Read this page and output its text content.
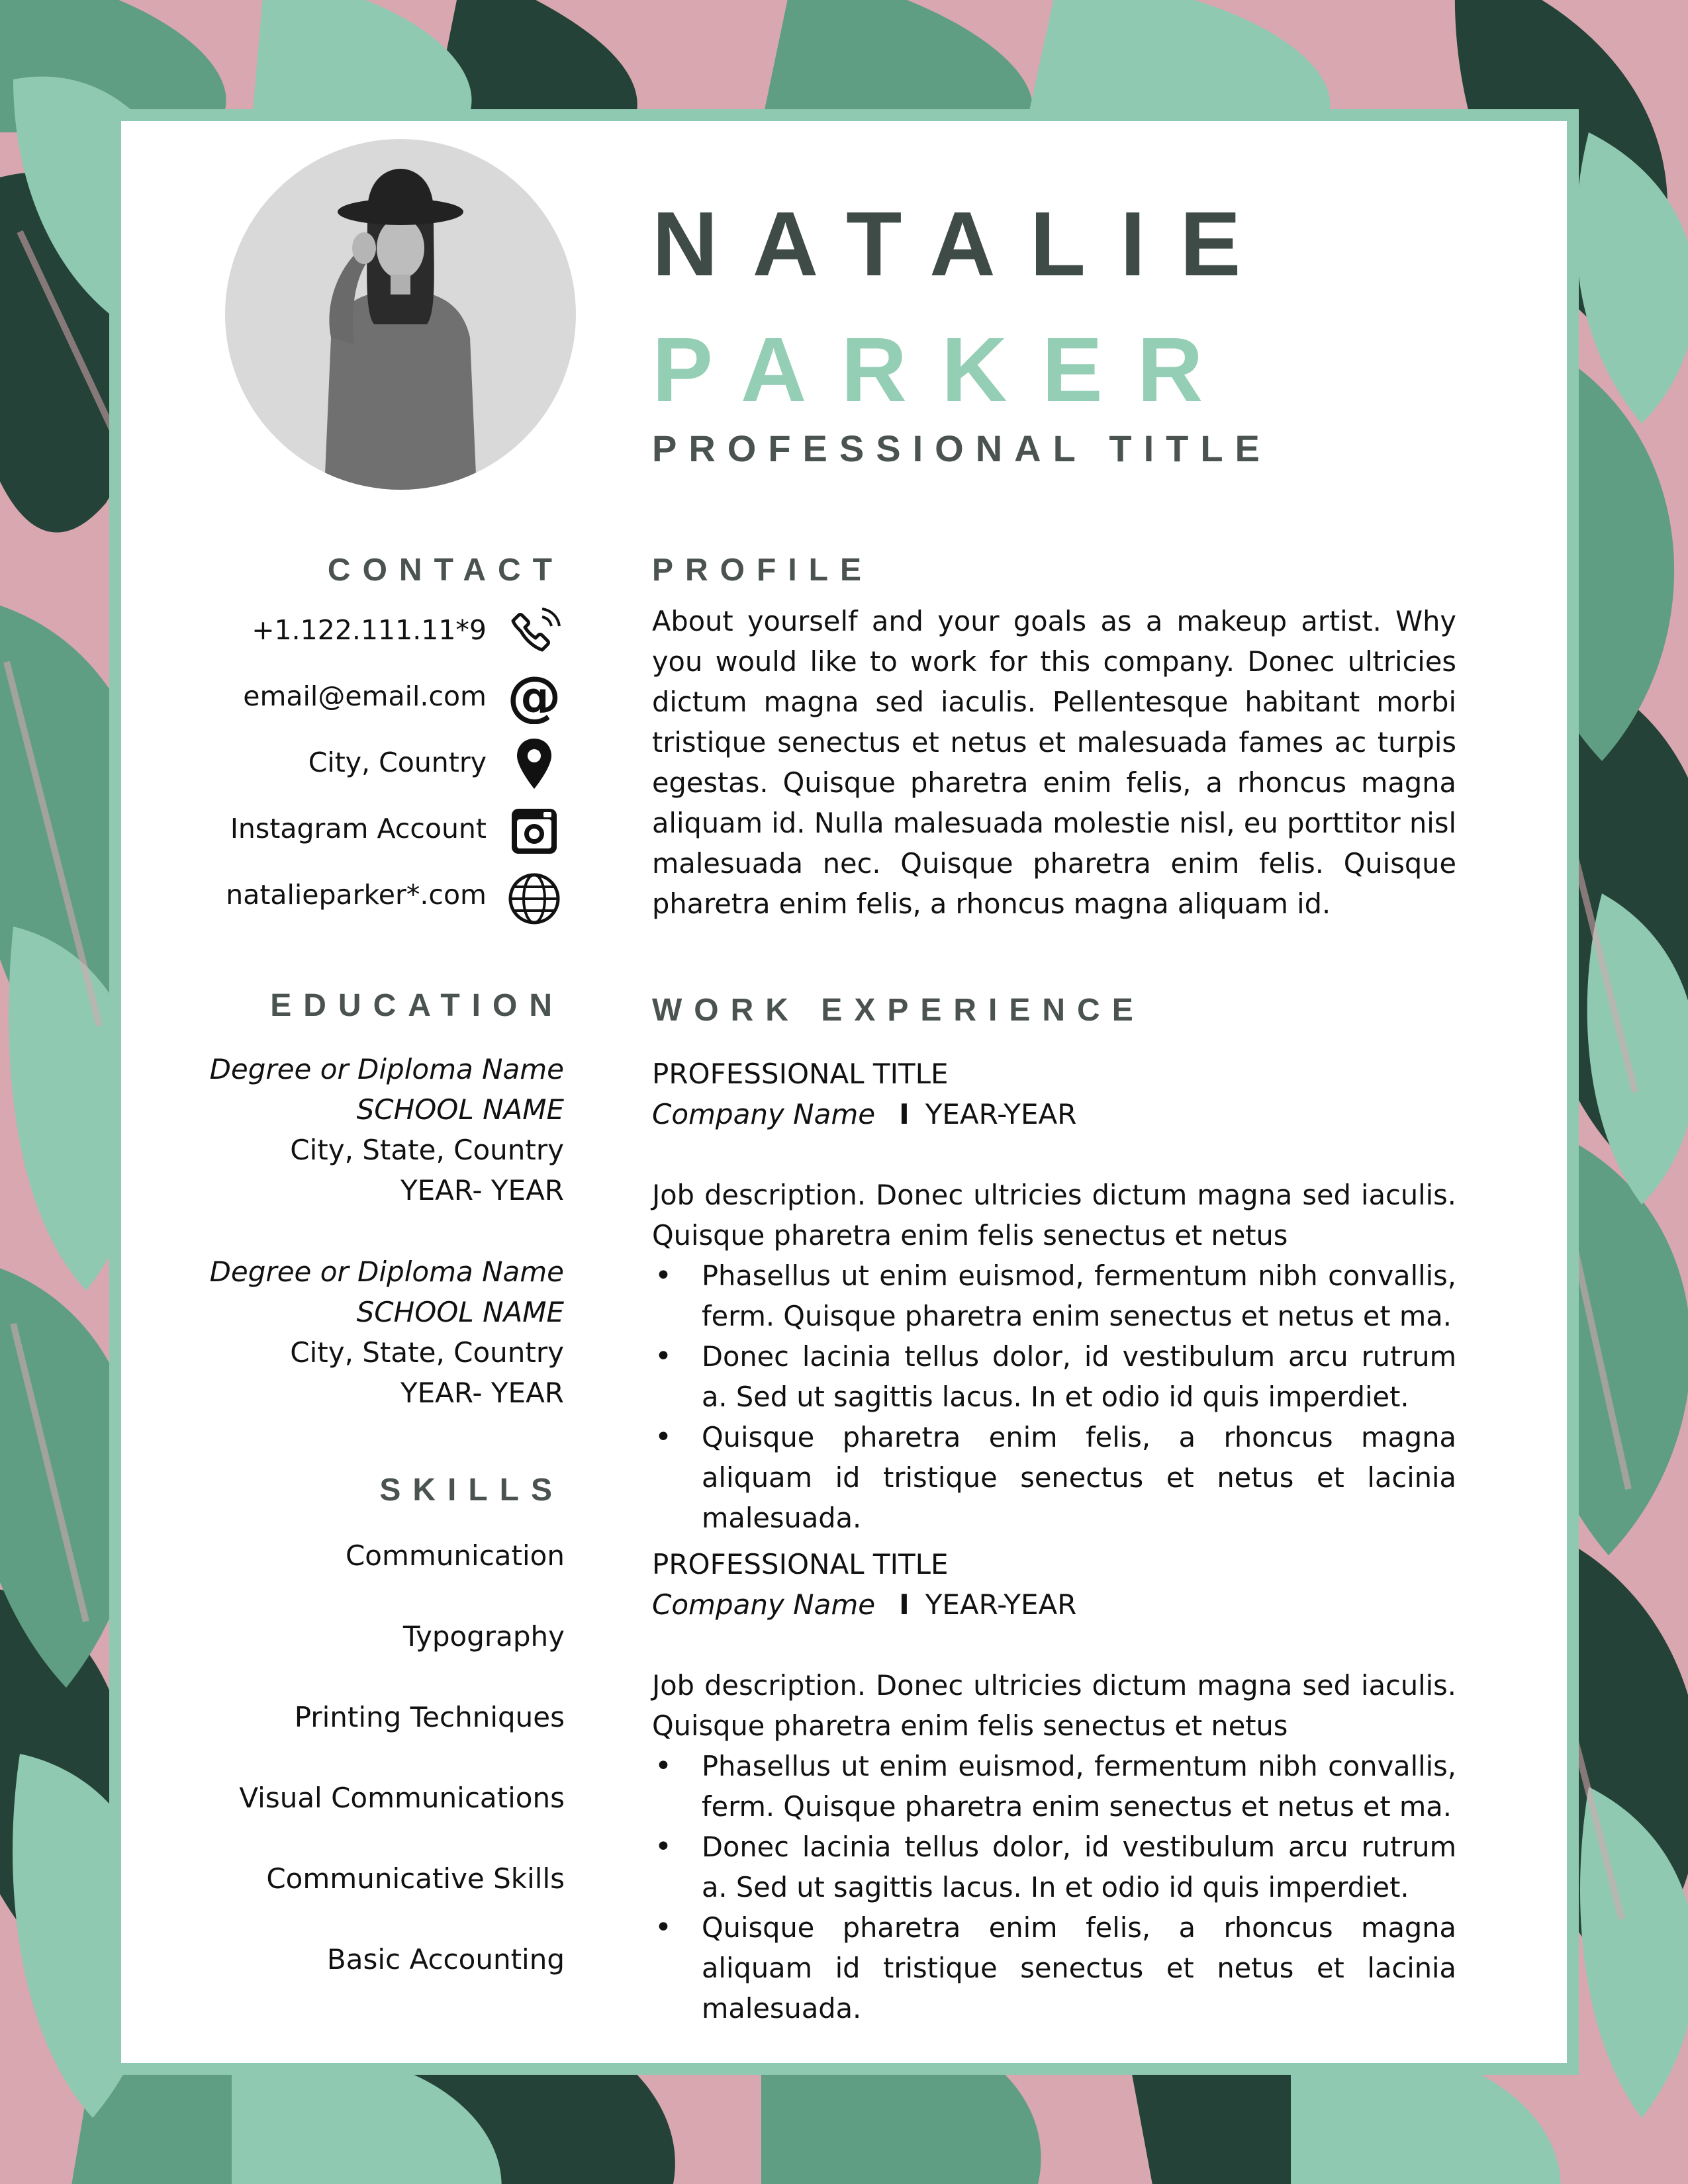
NATALIE
PARKER
PROFESSIONAL TITLE
CONTACT
+1.122.111.11*9
email@email.com @
City, Country
Instagram Account
natalieparker*.com
EDUCATION
Degree or Diploma Name
SCHOOL NAME
City, State, Country
YEAR- YEAR
Degree or Diploma Name
SCHOOL NAME
City, State, Country
YEAR- YEAR
SKILLS
Communication
Typography
Printing Techniques
Visual Communications
Communicative Skills
Basic Accounting
PROFILE
About yourself and your goals as a makeup artist. Why you would like to work for this company. Donec ultricies dictum magna sed iaculis. Pellentesque habitant morbi tristique senectus et netus et malesuada fames ac turpis egestas. Quisque pharetra enim felis, a rhoncus magna aliquam id. Nulla malesuada molestie nisl, eu porttitor nisl malesuada nec. Quisque pharetra enim felis. Quisque pharetra enim felis, a rhoncus magna aliquam id.
WORK EXPERIENCE
PROFESSIONAL TITLE
Company Name I YEAR-YEAR
Job description. Donec ultricies dictum magna sed iaculis. Quisque pharetra enim felis senectus et netus
• Phasellus ut enim euismod, fermentum nibh convallis, ferm. Quisque pharetra enim senectus et netus et ma.
• Donec lacinia tellus dolor, id vestibulum arcu rutrum a. Sed ut sagittis lacus. In et odio id quis imperdiet.
• Quisque pharetra enim felis, a rhoncus magna aliquam id tristique senectus et netus et lacinia malesuada.
PROFESSIONAL TITLE
Company Name I YEAR-YEAR
Job description. Donec ultricies dictum magna sed iaculis. Quisque pharetra enim felis senectus et netus
• Phasellus ut enim euismod, fermentum nibh convallis, ferm. Quisque pharetra enim senectus et netus et ma.
• Donec lacinia tellus dolor, id vestibulum arcu rutrum a. Sed ut sagittis lacus. In et odio id quis imperdiet.
• Quisque pharetra enim felis, a rhoncus magna aliquam id tristique senectus et netus et lacinia malesuada.
